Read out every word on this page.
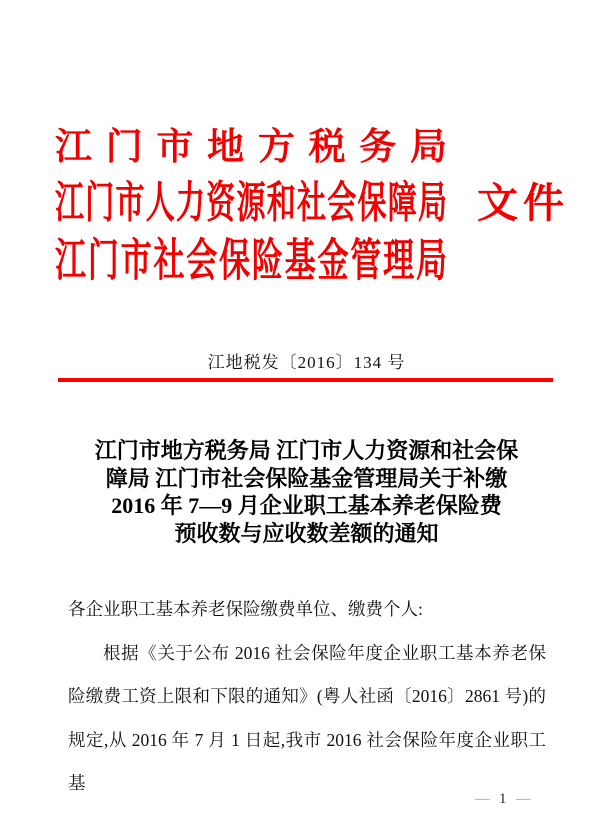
江门市地方税务局
江门市人力资源和社会保障局
江门市社会保险基金管理局
文件
江地税发〔2016〕134 号
江门市地方税务局 江门市人力资源和社会保
障局 江门市社会保险基金管理局关于补缴
2016 年 7—9 月企业职工基本养老保险费
预收数与应收数差额的通知

各企业职工基本养老保险缴费单位、缴费个人:

根据《关于公布 2016 社会保险年度企业职工基本养老保险缴费工资上限和下限的通知》(粤人社函〔2016〕2861 号)的规定,从 2016 年 7 月 1 日起,我市 2016 社会保险年度企业职工基

— 1 —
